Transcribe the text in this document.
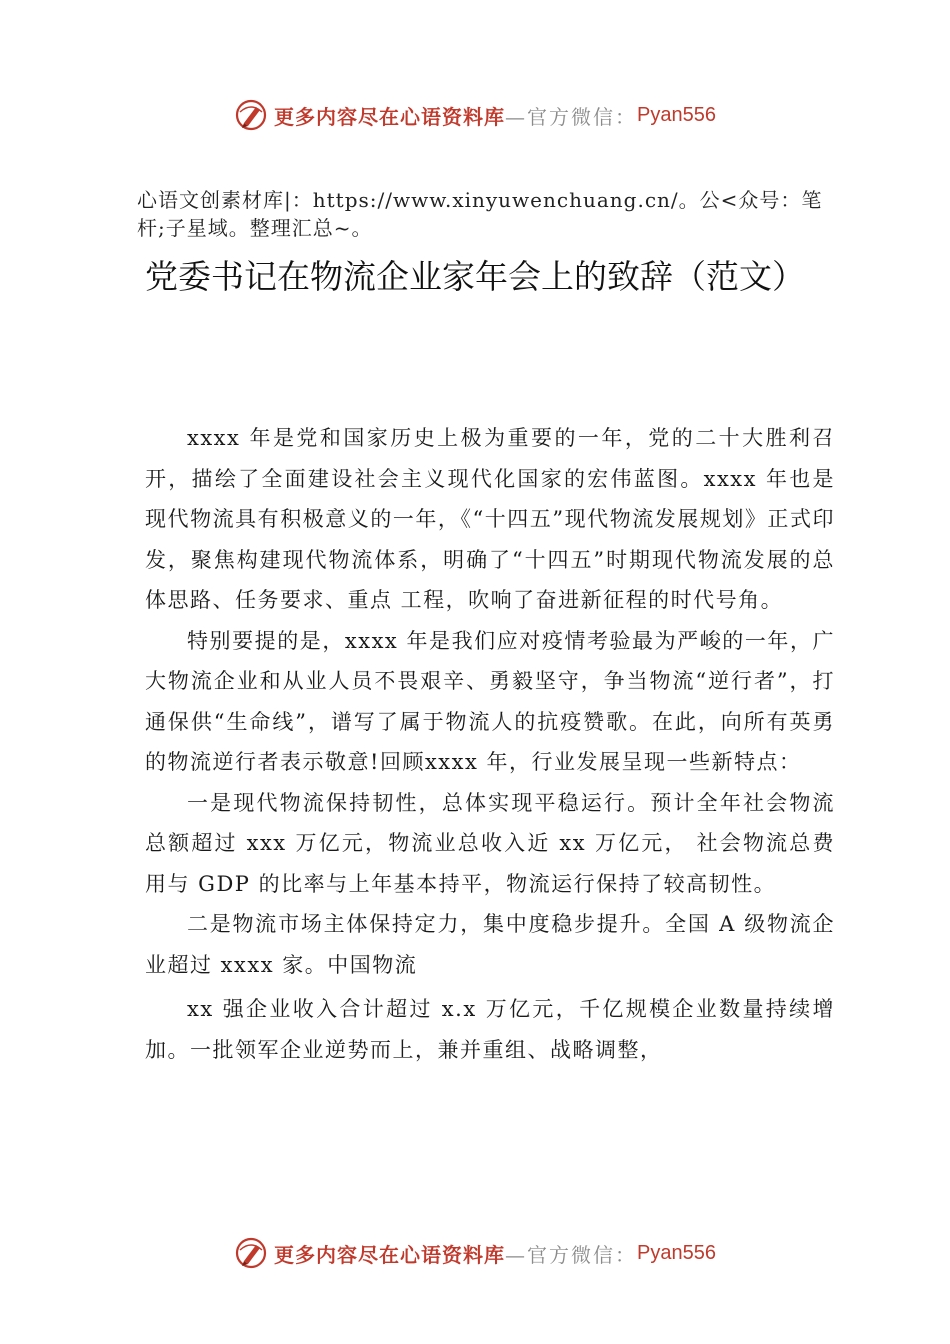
更多内容尽在心语资料库 —官方微信： Pyan556
心语文创素材库|：https://www.xinyuwenchuang.cn/。公<众号：笔杆;子星域。整理汇总~。
党委书记在物流企业家年会上的致辞（范文）

xxxx 年是党和国家历史上极为重要的一年，党的二十大胜利召开，描绘了全面建设社会主义现代化国家的宏伟蓝图。xxxx 年也是现代物流具有积极意义的一年，《“十四五”现代物流发展规划》正式印发，聚焦构建现代物流体系，明确了“十四五”时期现代物流发展的总体思路、任务要求、重点 工程，吹响了奋进新征程的时代号角。

特别要提的是，xxxx 年是我们应对疫情考验最为严峻的一年，广大物流企业和从业人员不畏艰辛、勇毅坚守，争当物流“逆行者”，打通保供“生命线”，谱写了属于物流人的抗疫赞歌。在此，向所有英勇的物流逆行者表示敬意!回顾xxxx 年，行业发展呈现一些新特点：

一是现代物流保持韧性，总体实现平稳运行。预计全年社会物流总额超过 xxx 万亿元，物流业总收入近 xx 万亿元， 社会物流总费用与 GDP 的比率与上年基本持平，物流运行保持了较高韧性。

二是物流市场主体保持定力，集中度稳步提升。全国 A 级物流企业超过 xxxx 家。中国物流

xx 强企业收入合计超过 x.x 万亿元，千亿规模企业数量持续增加。一批领军企业逆势而上，兼并重组、战略调整，

更多内容尽在心语资料库 —官方微信： Pyan556
